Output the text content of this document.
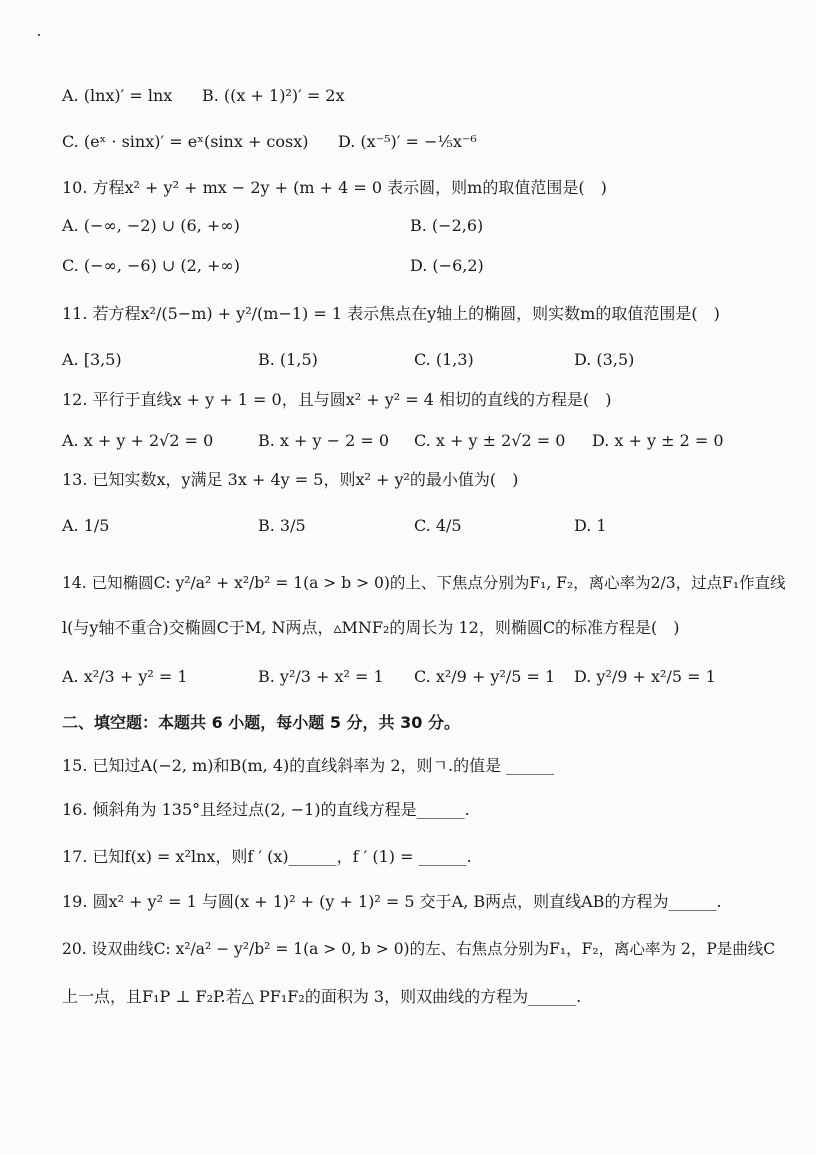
A. (lnx)′ = lnx B. ((x + 1)²)′ = 2x
C. (eˣ · sinx)′ = eˣ(sinx + cosx) D. (x⁻⁵)′ = −⅕x⁻⁶
10. 方程x² + y² + mx − 2y + (m + 4 = 0 表示圆，则m的取值范围是(　)
A. (−∞, −2) ∪ (6, +∞)	B. (−2,6)
C. (−∞, −6) ∪ (2, +∞)	D. (−6,2)
11. 若方程x²/(5−m) + y²/(m−1) = 1 表示焦点在y轴上的椭圆，则实数m的取值范围是(　)
A. [3,5)	B. (1,5)	C. (1,3)	D. (3,5)
12. 平行于直线x + y + 1 = 0，且与圆x² + y² = 4 相切的直线的方程是(　)
A. x + y + 2√2 = 0	B. x + y − 2 = 0 C. x + y ± 2√2 = 0 D. x + y ± 2 = 0
13. 已知实数x，y满足 3x + 4y = 5，则x² + y²的最小值为(　)
A. 1/5	B. 3/5	C. 4/5	D. 1
14. 已知椭圆C: y²/a² + x²/b² = 1(a > b > 0)的上、下焦点分别为F₁, F₂，离心率为2/3，过点F₁作直线
l(与y轴不重合)交椭圆C于M, N两点，▵MNF₂的周长为 12，则椭圆C的标准方程是(　)
A. x²/3 + y² = 1	B. y²/3 + x² = 1 C. x²/9 + y²/5 = 1 D. y²/9 + x²/5 = 1
二、填空题：本题共 6 小题，每小题 5 分，共 30 分。
15. 已知过A(−2, m)和B(m, 4)的直线斜率为 2，则ㄱ.的值是 ______
16. 倾斜角为 135°且经过点(2, −1)的直线方程是______.
17. 已知f(x) = x²lnx，则f ′ (x)______，f ′ (1) = ______.
19. 圆x² + y² = 1 与圆(x + 1)² + (y + 1)² = 5 交于A, B两点，则直线AB的方程为______.
20. 设双曲线C: x²/a² − y²/b² = 1(a > 0, b > 0)的左、右焦点分别为F₁，F₂，离心率为 2，P是曲线C
上一点，且F₁P ⊥ F₂P.若△ PF₁F₂的面积为 3，则双曲线的方程为______.
